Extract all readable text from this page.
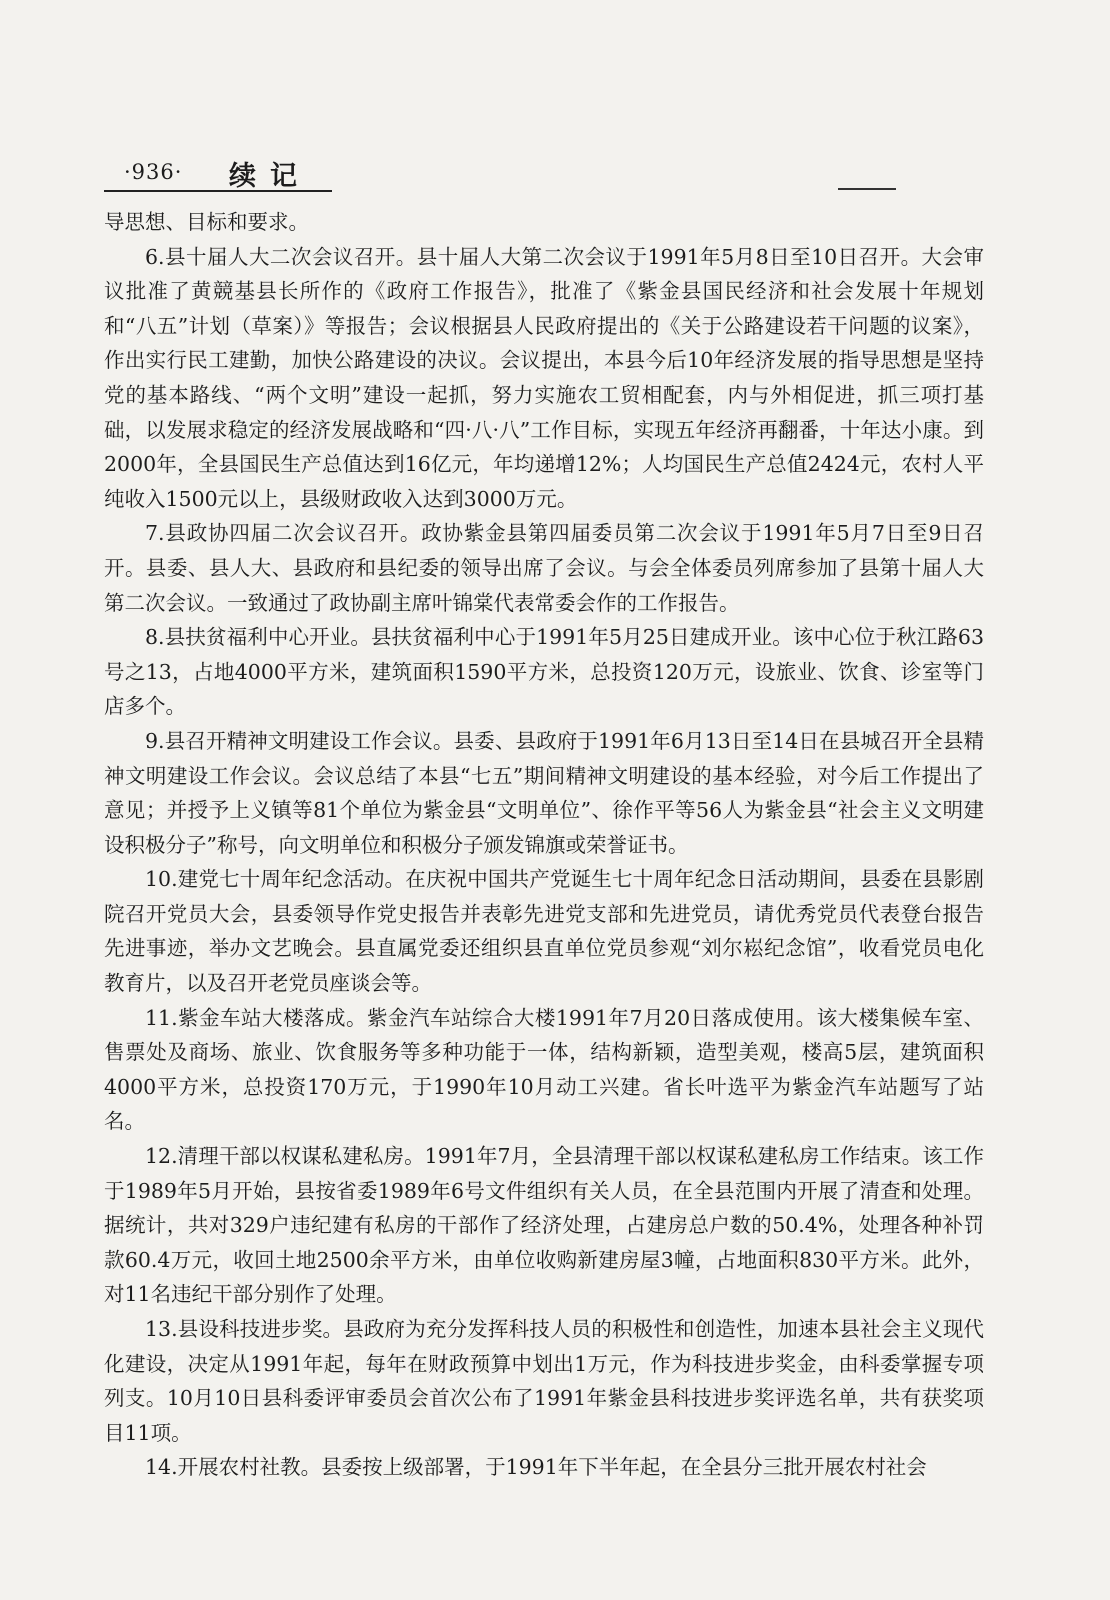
·936· 续记

导思想、目标和要求。

6.县十届人大二次会议召开。县十届人大第二次会议于1991年5月8日至10日召开。大会审议批准了黄競基县长所作的《政府工作报告》，批准了《紫金县国民经济和社会发展十年规划和“八五”计划（草案）》等报告；会议根据县人民政府提出的《关于公路建设若干问题的议案》，作出实行民工建勤，加快公路建设的决议。会议提出，本县今后10年经济发展的指导思想是坚持党的基本路线、“两个文明”建设一起抓，努力实施农工贸相配套，内与外相促进，抓三项打基础，以发展求稳定的经济发展战略和“四·八·八”工作目标，实现五年经济再翻番，十年达小康。到2000年，全县国民生产总值达到16亿元，年均递增12%；人均国民生产总值2424元，农村人平纯收入1500元以上，县级财政收入达到3000万元。

7.县政协四届二次会议召开。政协紫金县第四届委员第二次会议于1991年5月7日至9日召开。县委、县人大、县政府和县纪委的领导出席了会议。与会全体委员列席参加了县第十届人大第二次会议。一致通过了政协副主席叶锦棠代表常委会作的工作报告。

8.县扶贫福利中心开业。县扶贫福利中心于1991年5月25日建成开业。该中心位于秋江路63号之13，占地4000平方米，建筑面积1590平方米，总投资120万元，设旅业、饮食、诊室等门店多个。

9.县召开精神文明建设工作会议。县委、县政府于1991年6月13日至14日在县城召开全县精神文明建设工作会议。会议总结了本县“七五”期间精神文明建设的基本经验，对今后工作提出了意见；并授予上义镇等81个单位为紫金县“文明单位”、徐作平等56人为紫金县“社会主义文明建设积极分子”称号，向文明单位和积极分子颁发锦旗或荣誉证书。

10.建党七十周年纪念活动。在庆祝中国共产党诞生七十周年纪念日活动期间，县委在县影剧院召开党员大会，县委领导作党史报告并表彰先进党支部和先进党员，请优秀党员代表登台报告先进事迹，举办文艺晚会。县直属党委还组织县直单位党员参观“刘尔崧纪念馆”，收看党员电化教育片，以及召开老党员座谈会等。

11.紫金车站大楼落成。紫金汽车站综合大楼1991年7月20日落成使用。该大楼集候车室、售票处及商场、旅业、饮食服务等多种功能于一体，结构新颖，造型美观，楼高5层，建筑面积4000平方米，总投资170万元，于1990年10月动工兴建。省长叶选平为紫金汽车站题写了站名。

12.清理干部以权谋私建私房。1991年7月，全县清理干部以权谋私建私房工作结束。该工作于1989年5月开始，县按省委1989年6号文件组织有关人员，在全县范围内开展了清查和处理。据统计，共对329户违纪建有私房的干部作了经济处理，占建房总户数的50.4%，处理各种补罚款60.4万元，收回土地2500余平方米，由单位收购新建房屋3幢，占地面积830平方米。此外，对11名违纪干部分别作了处理。

13.县设科技进步奖。县政府为充分发挥科技人员的积极性和创造性，加速本县社会主义现代化建设，决定从1991年起，每年在财政预算中划出1万元，作为科技进步奖金，由科委掌握专项列支。10月10日县科委评审委员会首次公布了1991年紫金县科技进步奖评选名单，共有获奖项目11项。

14.开展农村社教。县委按上级部署，于1991年下半年起，在全县分三批开展农村社会
